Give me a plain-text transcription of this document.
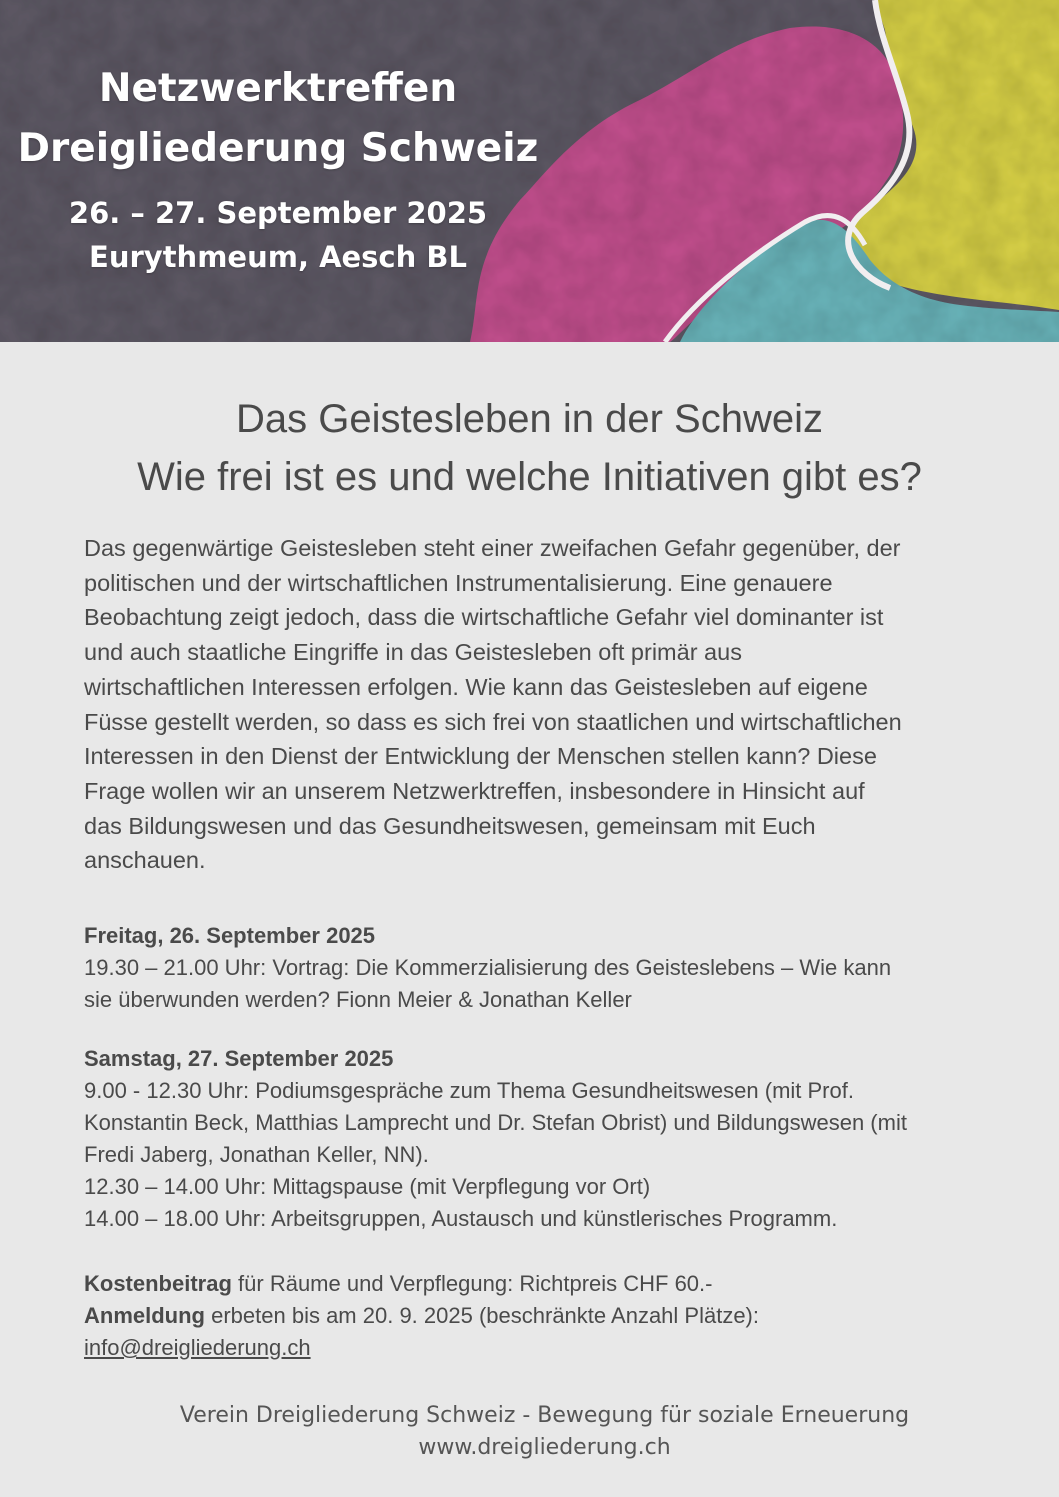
Netzwerktreffen
Dreigliederung Schweiz
26. – 27. September 2025
Eurythmeum, Aesch BL
Das Geistesleben in der Schweiz
Wie frei ist es und welche Initiativen gibt es?
Das gegenwärtige Geistesleben steht einer zweifachen Gefahr gegenüber, der
politischen und der wirtschaftlichen Instrumentalisierung. Eine genauere
Beobachtung zeigt jedoch, dass die wirtschaftliche Gefahr viel dominanter ist
und auch staatliche Eingriffe in das Geistesleben oft primär aus
wirtschaftlichen Interessen erfolgen. Wie kann das Geistesleben auf eigene
Füsse gestellt werden, so dass es sich frei von staatlichen und wirtschaftlichen
Interessen in den Dienst der Entwicklung der Menschen stellen kann? Diese
Frage wollen wir an unserem Netzwerktreffen, insbesondere in Hinsicht auf
das Bildungswesen und das Gesundheitswesen, gemeinsam mit Euch
anschauen.
Freitag, 26. September 2025
19.30 – 21.00 Uhr: Vortrag: Die Kommerzialisierung des Geisteslebens – Wie kann
sie überwunden werden? Fionn Meier & Jonathan Keller
Samstag, 27. September 2025
9.00 - 12.30 Uhr: Podiumsgespräche zum Thema Gesundheitswesen (mit Prof.
Konstantin Beck, Matthias Lamprecht und Dr. Stefan Obrist) und Bildungswesen (mit
Fredi Jaberg, Jonathan Keller, NN).
12.30 – 14.00 Uhr: Mittagspause (mit Verpflegung vor Ort)
14.00 – 18.00 Uhr: Arbeitsgruppen, Austausch und künstlerisches Programm.
Kostenbeitrag für Räume und Verpflegung: Richtpreis CHF 60.-
Anmeldung erbeten bis am 20. 9. 2025 (beschränkte Anzahl Plätze):
info@dreigliederung.ch
Verein Dreigliederung Schweiz - Bewegung für soziale Erneuerung
www.dreigliederung.ch
